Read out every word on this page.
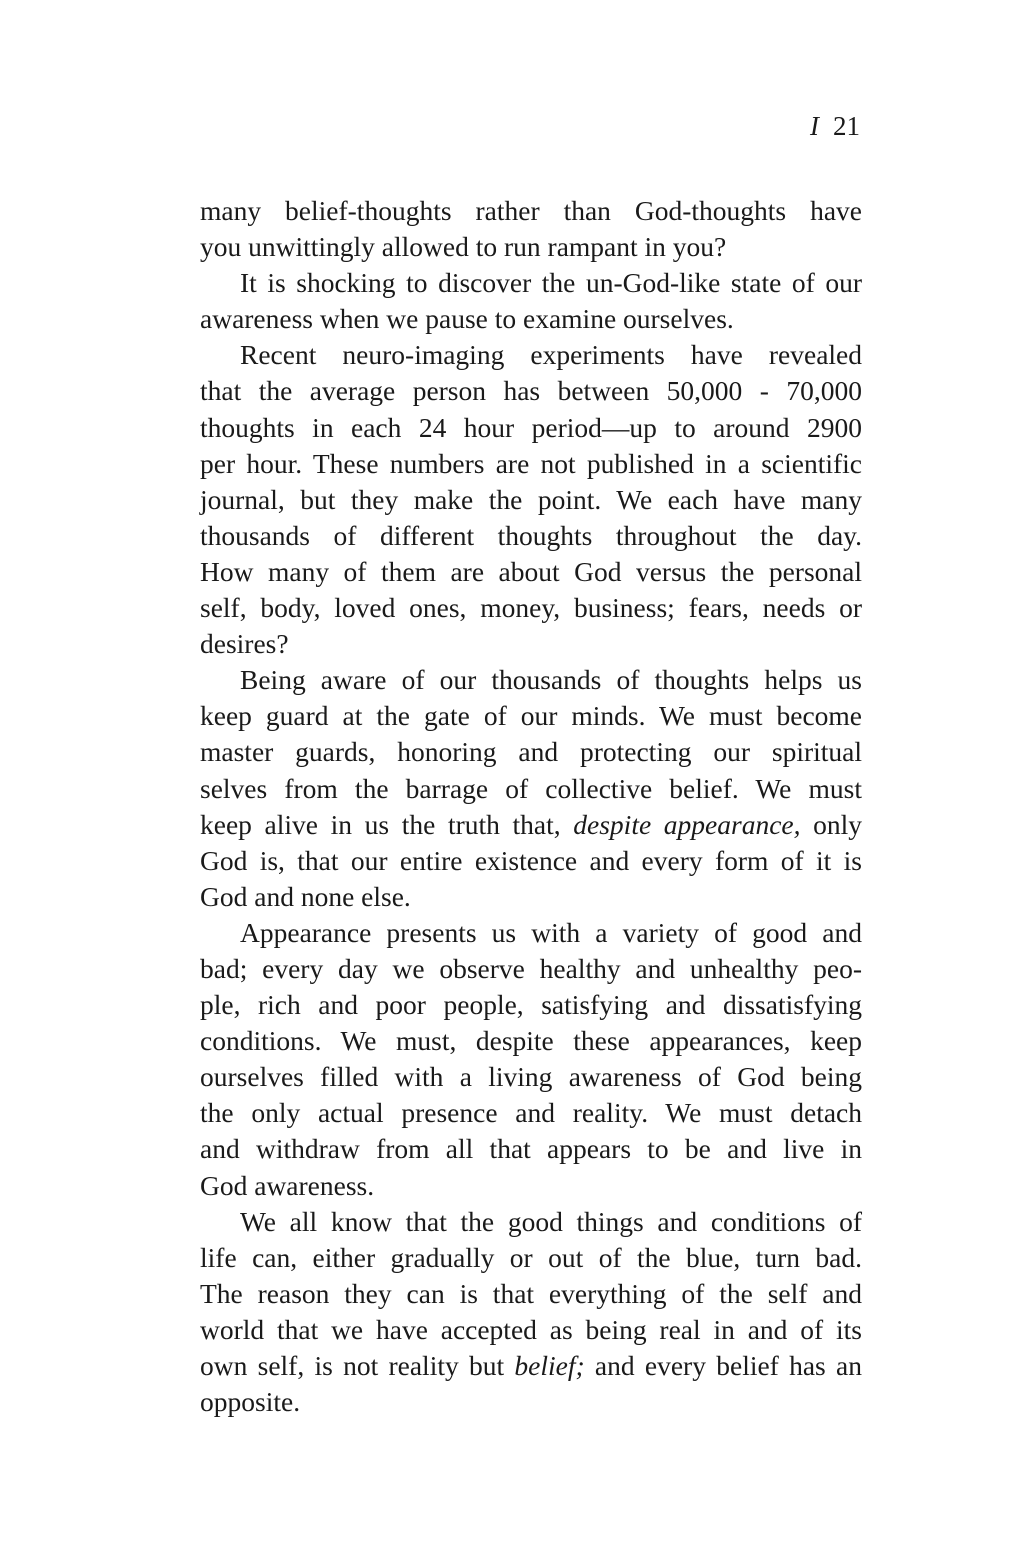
I 21
many belief-thoughts rather than God-thoughts have
you unwittingly allowed to run rampant in you?
It is shocking to discover the un-God-like state of our
awareness when we pause to examine ourselves.
Recent neuro-imaging experiments have revealed
that the average person has between 50,000 - 70,000
thoughts in each 24 hour period—up to around 2900
per hour. These numbers are not published in a scientific
journal, but they make the point. We each have many
thousands of different thoughts throughout the day.
How many of them are about God versus the personal
self, body, loved ones, money, business; fears, needs or
desires?
Being aware of our thousands of thoughts helps us
keep guard at the gate of our minds. We must become
master guards, honoring and protecting our spiritual
selves from the barrage of collective belief. We must
keep alive in us the truth that, despite appearance, only
God is, that our entire existence and every form of it is
God and none else.
Appearance presents us with a variety of good and
bad; every day we observe healthy and unhealthy peo-
ple, rich and poor people, satisfying and dissatisfying
conditions. We must, despite these appearances, keep
ourselves filled with a living awareness of God being
the only actual presence and reality. We must detach
and withdraw from all that appears to be and live in
God awareness.
We all know that the good things and conditions of
life can, either gradually or out of the blue, turn bad.
The reason they can is that everything of the self and
world that we have accepted as being real in and of its
own self, is not reality but belief; and every belief has an
opposite.
